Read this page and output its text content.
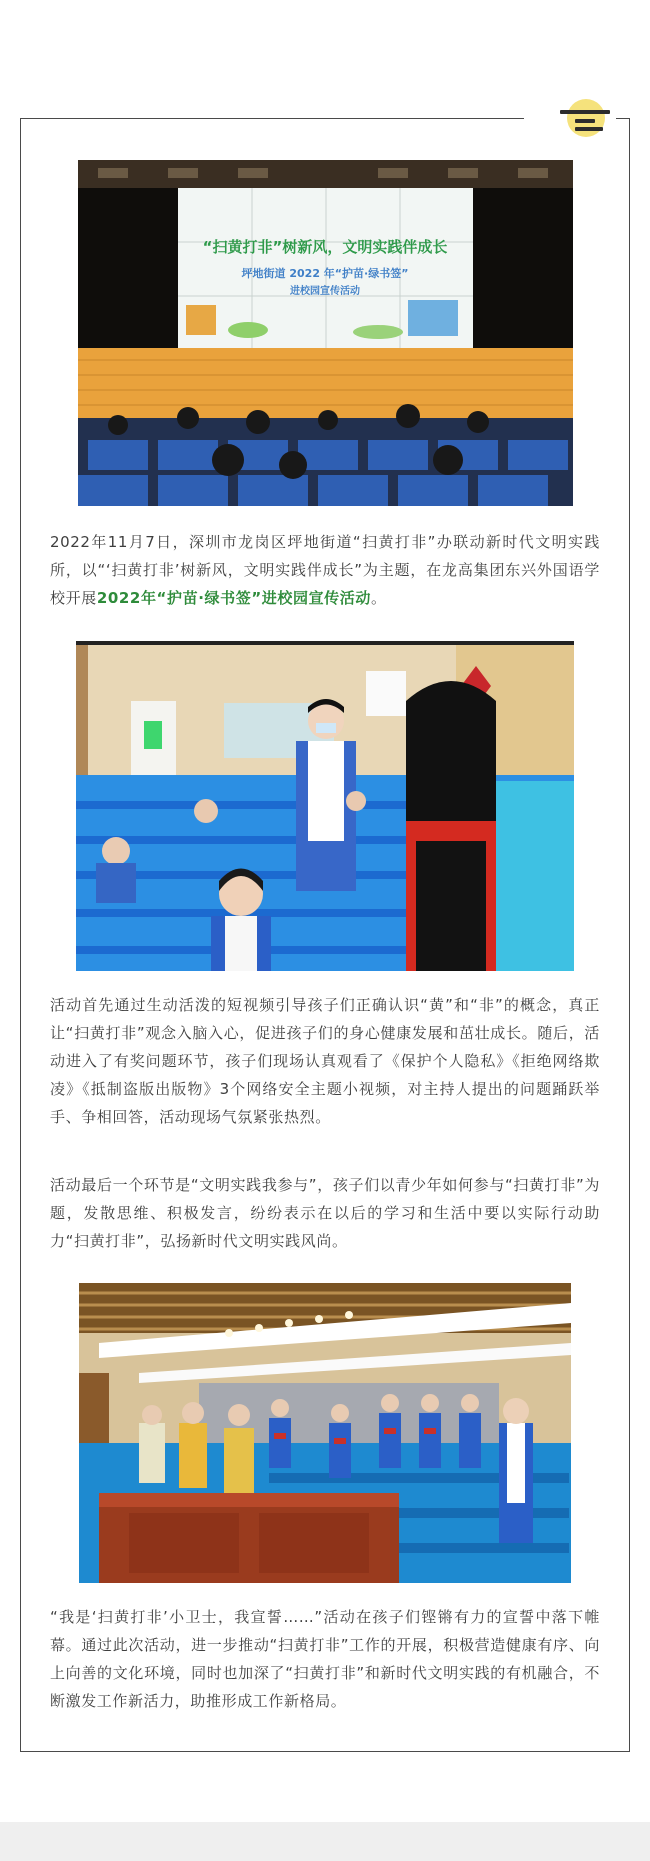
“扫黄打非”树新风，文明实践伴成长
坪地街道 2022 年“护苗·绿书签”
进校园宣传活动

2022年11月7日，深圳市龙岗区坪地街道“扫黄打非”办联动新时代文明实践所，以“‘扫黄打非’树新风，文明实践伴成长”为主题，在龙高集团东兴外国语学校开展2022年“护苗·绿书签”进校园宣传活动。

活动首先通过生动活泼的短视频引导孩子们正确认识“黄”和“非”的概念，真正让“扫黄打非”观念入脑入心，促进孩子们的身心健康发展和茁壮成长。随后，活动进入了有奖问题环节，孩子们现场认真观看了《保护个人隐私》《拒绝网络欺凌》《抵制盗版出版物》3个网络安全主题小视频，对主持人提出的问题踊跃举手、争相回答，活动现场气氛紧张热烈。

活动最后一个环节是“文明实践我参与”，孩子们以青少年如何参与“扫黄打非”为题，发散思维、积极发言，纷纷表示在以后的学习和生活中要以实际行动助力“扫黄打非”，弘扬新时代文明实践风尚。

“我是‘扫黄打非’小卫士，我宣誓……”活动在孩子们铿锵有力的宣誓中落下帷幕。通过此次活动，进一步推动“扫黄打非”工作的开展，积极营造健康有序、向上向善的文化环境，同时也加深了“扫黄打非”和新时代文明实践的有机融合，不断激发工作新活力，助推形成工作新格局。
